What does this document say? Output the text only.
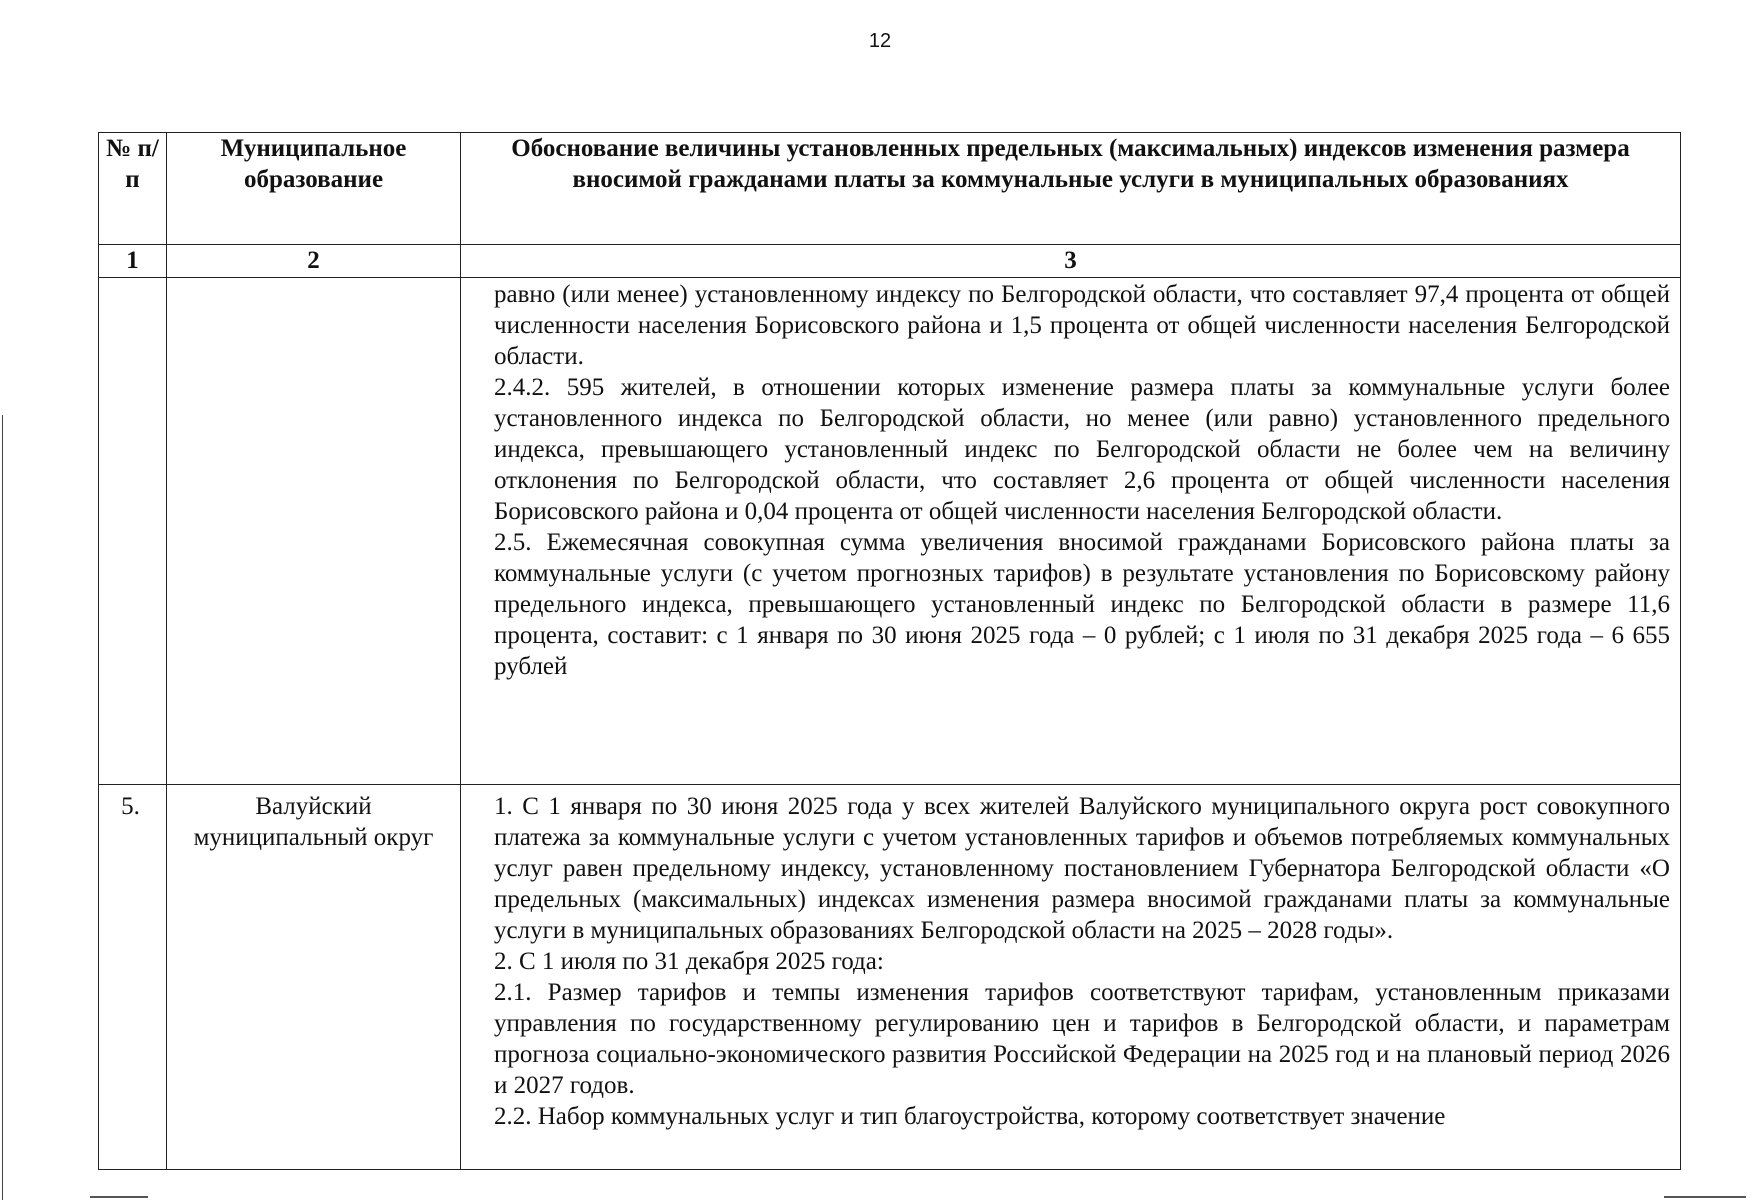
12
№ п/п	Муниципальное образование	Обоснование величины установленных предельных (максимальных) индексов изменения размера вносимой гражданами платы за коммунальные услуги в муниципальных образованиях
1	2	3

		равно (или менее) установленному индексу по Белгородской области, что составляет 97,4 процента от общей численности населения Борисовского района и 1,5 процента от общей численности населения Белгородской области.

2.4.2. 595 жителей, в отношении которых изменение размера платы за коммунальные услуги более установленного индекса по Белгородской области, но менее (или равно) установленного предельного индекса, превышающего установленный индекс по Белгородской области не более чем на величину отклонения по Белгородской области, что составляет 2,6 процента от общей численности населения Борисовского района и 0,04 процента от общей численности населения Белгородской области.

2.5. Ежемесячная совокупная сумма увеличения вносимой гражданами Борисовского района платы за коммунальные услуги (с учетом прогнозных тарифов) в результате установления по Борисовскому району предельного индекса, превышающего установленный индекс по Белгородской области в размере 11,6 процента, составит: с 1 января по 30 июня 2025 года – 0 рублей; с 1 июля по 31 декабря 2025 года – 6 655 рублей

5.	Валуйский муниципальный округ	1. С 1 января по 30 июня 2025 года у всех жителей Валуйского муниципального округа рост совокупного платежа за коммунальные услуги с учетом установленных тарифов и объемов потребляемых коммунальных услуг равен предельному индексу, установленному постановлением Губернатора Белгородской области «О предельных (максимальных) индексах изменения размера вносимой гражданами платы за коммунальные услуги в муниципальных образованиях Белгородской области на 2025 – 2028 годы».

2. С 1 июля по 31 декабря 2025 года:

2.1. Размер тарифов и темпы изменения тарифов соответствуют тарифам, установленным приказами управления по государственному регулированию цен и тарифов в Белгородской области, и параметрам прогноза социально-экономического развития Российской Федерации на 2025 год и на плановый период 2026 и 2027 годов.

2.2. Набор коммунальных услуг и тип благоустройства, которому соответствует значение
